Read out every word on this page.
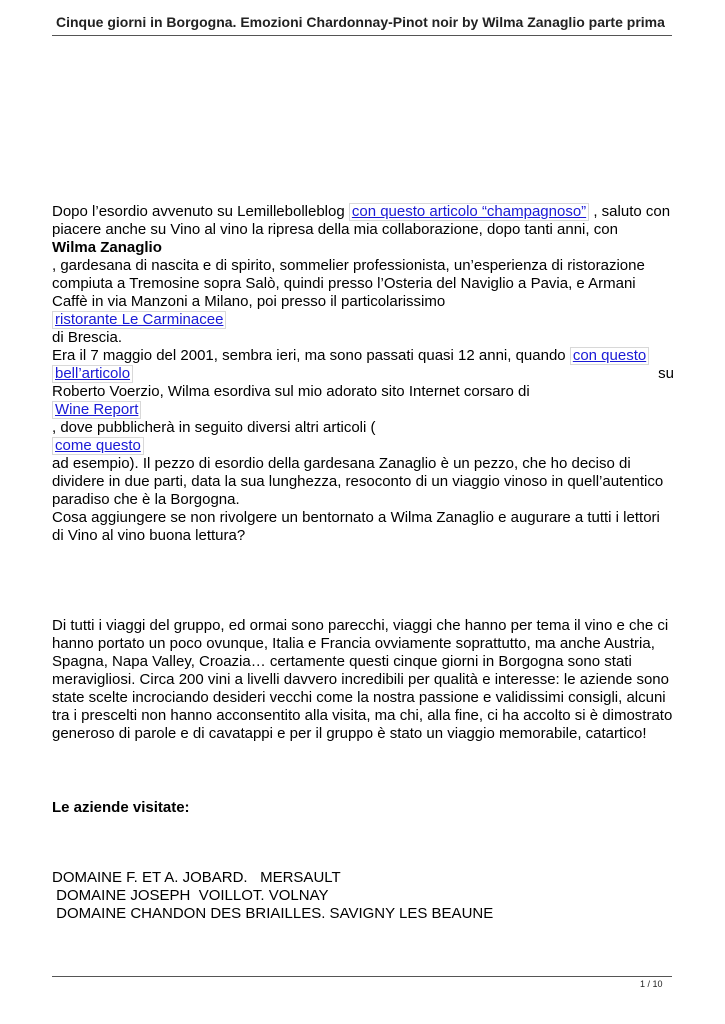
Cinque giorni in Borgogna. Emozioni Chardonnay-Pinot noir by Wilma Zanaglio parte prima

Dopo l’esordio avvenuto su Lemillebolleblog con questo articolo “champagnoso” , saluto con piacere anche su Vino al vino la ripresa della mia collaborazione, dopo tanti anni, con

Wilma Zanaglio

, gardesana di nascita e di spirito, sommelier professionista, un’esperienza di ristorazione compiuta a Tremosine sopra Salò, quindi presso l’Osteria del Naviglio a Pavia, e Armani Caffè in via Manzoni a Milano, poi presso il particolarissimo

ristorante Le Carminacee

di Brescia.

Era il 7 maggio del 2001, sembra ieri, ma sono passati quasi 12 anni, quando con questo

bell’articolo	su

Roberto Voerzio, Wilma esordiva sul mio adorato sito Internet corsaro di

Wine Report

, dove pubblicherà in seguito diversi altri articoli (

come questo

ad esempio). Il pezzo di esordio della gardesana Zanaglio è un pezzo, che ho deciso di dividere in due parti, data la sua lunghezza, resoconto di un viaggio vinoso in quell’autentico paradiso che è la Borgogna.

Cosa aggiungere se non rivolgere un bentornato a Wilma Zanaglio e augurare a tutti i lettori di Vino al vino buona lettura?

Di tutti i viaggi del gruppo, ed ormai sono parecchi, viaggi che hanno per tema il vino e che ci hanno portato un poco ovunque, Italia e Francia ovviamente soprattutto, ma anche Austria, Spagna, Napa Valley, Croazia… certamente questi cinque giorni in Borgogna sono stati meravigliosi. Circa 200 vini a livelli davvero incredibili per qualità e interesse: le aziende sono state scelte incrociando desideri vecchi come la nostra passione e validissimi consigli, alcuni tra i prescelti non hanno acconsentito alla visita, ma chi, alla fine, ci ha accolto si è dimostrato generoso di parole e di cavatappi e per il gruppo è stato un viaggio memorabile, catartico!

Le aziende visitate:

DOMAINE F. ET A. JOBARD.   MERSAULT

DOMAINE JOSEPH  VOILLOT. VOLNAY

DOMAINE CHANDON DES BRIAILLES. SAVIGNY LES BEAUNE

1 / 10
